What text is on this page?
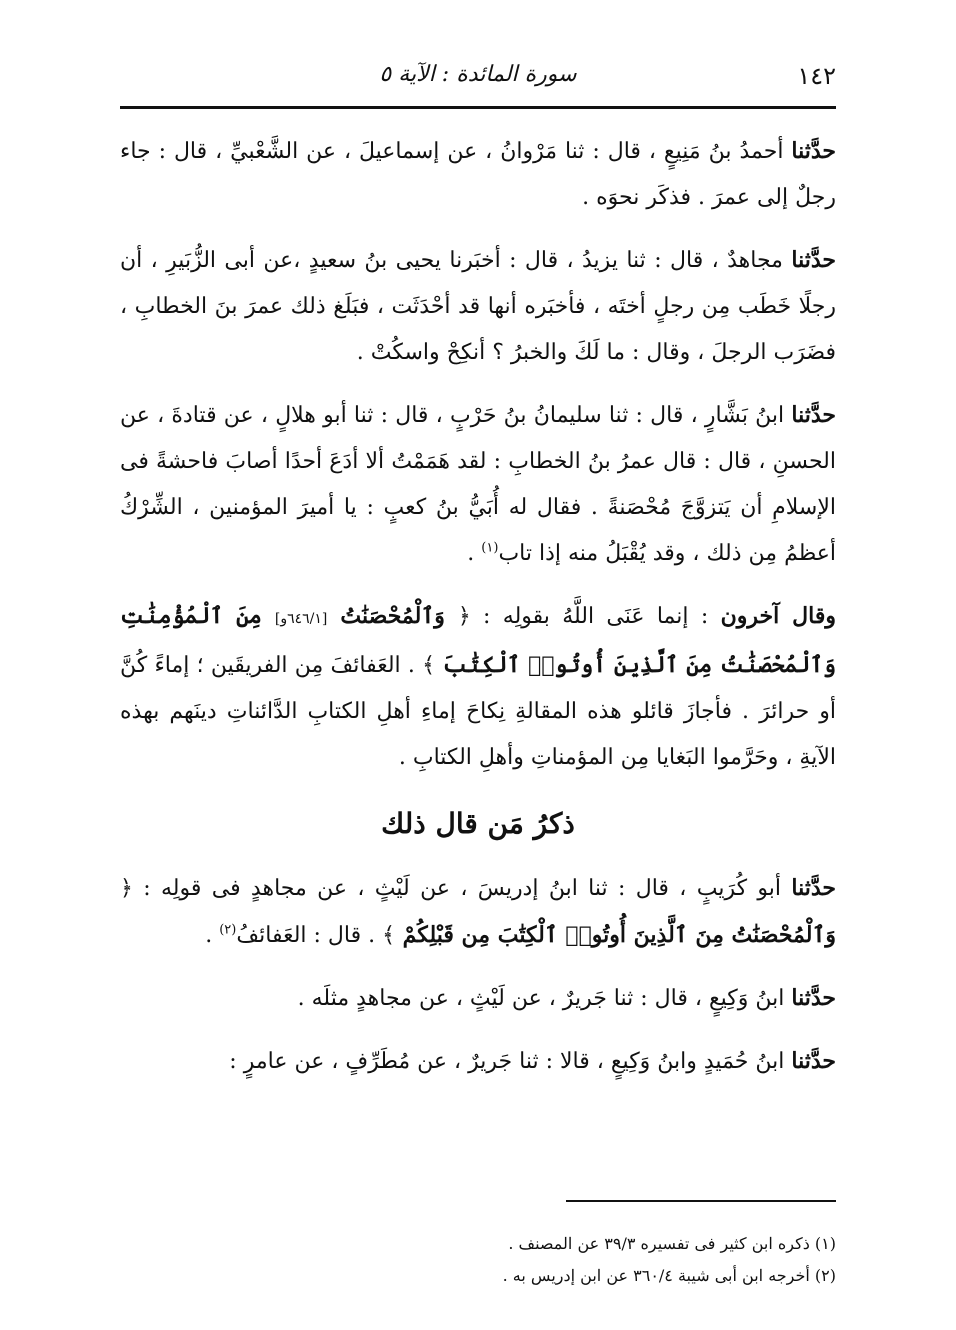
١٤٢
سورة المائدة : الآية ٥

حدَّثنا أحمدُ بنُ مَنِيعٍ ، قال : ثنا مَرْوانُ ، عن إسماعيلَ ، عن الشَّعْبيِّ ، قال : جاء رجلٌ إلى عمرَ . فذكَر نحوَه .

حدَّثنا مجاهدٌ ، قال : ثنا يزيدُ ، قال : أخبَرنا يحيى بنُ سعيدٍ ،عن أبى الزُّبَيرِ ، أن رجلًا خَطَب مِن رجلٍ أختَه ، فأخبَره أنها قد أحْدَثَت ، فبَلَغ ذلك عمرَ بنَ الخطابِ ، فضَرَب الرجلَ ، وقال : ما لَكَ والخبرُ ؟ أنكِحْ واسكُتْ .

حدَّثنا ابنُ بَشَّارٍ ، قال : ثنا سليمانُ بنُ حَرْبٍ ، قال : ثنا أبو هلالٍ ، عن قتادةَ ، عن الحسنِ ، قال : قال عمرُ بنُ الخطابِ : لقد هَمَمْتُ ألا أدَعَ أحدًا أصابَ فاحشةً فى الإسلامِ أن يَتزوَّجَ مُحْصَنةً . فقال له أُبَيُّ بنُ كعبٍ : يا أميرَ المؤمنين ، الشِّرْكُ أعظمُ مِن ذلك ، وقد يُقْبَلُ منه إذا تاب$^{(١)}$ .

وقال آخرون : إنما عَنَى اللَّهُ بقولِه : ﴿ وَٱلْمُحْصَنَٰتُ [٦٤٦/١و] مِنَ ٱلْمُؤْمِنَٰتِ وَٱلْمُحْصَنَٰتُ مِنَ ٱلَّذِينَ أُوتُوا۟ ٱلْكِتَٰبَ ﴾ . العَفائفَ مِن الفريقَين ؛ إماءً كُنَّ أو حرائرَ . فأجازَ قائلو هذه المقالةِ نِكاحَ إماءِ أهلِ الكتابِ الدَّائناتِ دينَهم بهذه الآيةِ ، وحَرَّموا البَغايا مِن المؤمناتِ وأهلِ الكتابِ .

ذكرُ مَن قال ذلك

حدَّثنا أبو كُرَيبٍ ، قال : ثنا ابنُ إدريسَ ، عن لَيْثٍ ، عن مجاهدٍ فى قولِه : ﴿ وَٱلْمُحْصَنَٰتُ مِنَ ٱلَّذِينَ أُوتُوا۟ ٱلْكِتَٰبَ مِن قَبْلِكُمْ ﴾ . قال : العَفائفُ$^{(٢)}$ .

حدَّثنا ابنُ وَكِيعٍ ، قال : ثنا جَريرٌ ، عن لَيْثٍ ، عن مجاهدٍ مثلَه .

حدَّثنا ابنُ حُمَيدٍ وابنُ وَكِيعٍ ، قالا : ثنا جَريرٌ ، عن مُطَرِّفٍ ، عن عامرٍ :

(١) ذكره ابن كثير فى تفسيره ٣٩/٣ عن المصنف .
(٢) أخرجه ابن أبى شيبة ٣٦٠/٤ عن ابن إدريس به .
